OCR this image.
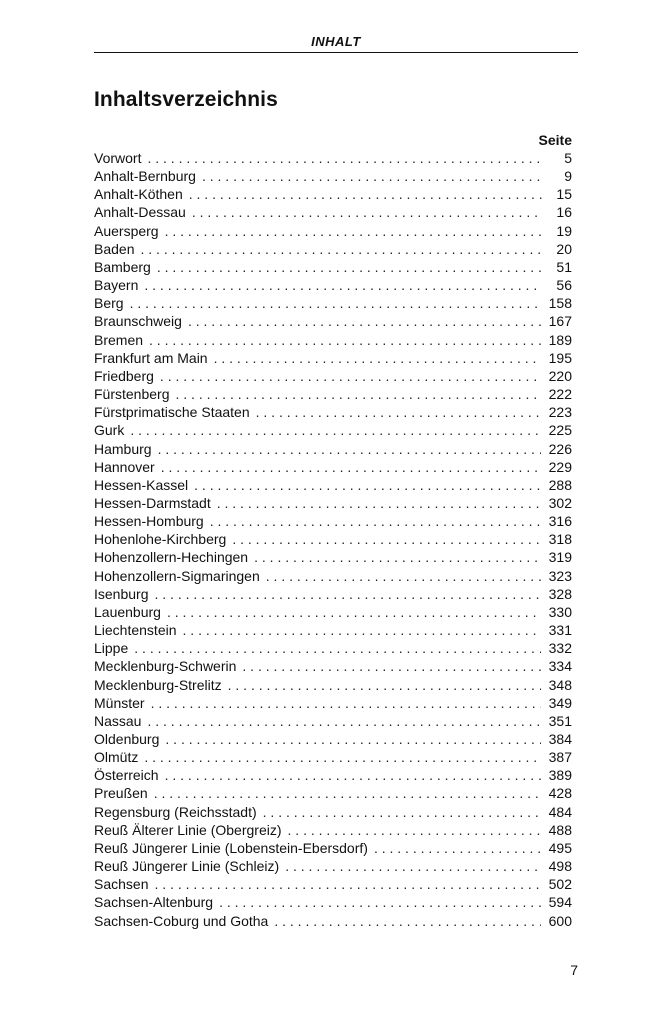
INHALT
Inhaltsverzeichnis
Seite
Vorwort . . .	5
Anhalt-Bernburg . . .	9
Anhalt-Köthen . . .	15
Anhalt-Dessau . . .	16
Auersperg . . .	19
Baden . . .	20
Bamberg . . .	51
Bayern . . .	56
Berg . . .	158
Braunschweig . . .	167
Bremen . . .	189
Frankfurt am Main . . .	195
Friedberg . . .	220
Fürstenberg . . .	222
Fürstprimatische Staaten . . .	223
Gurk . . .	225
Hamburg . . .	226
Hannover . . .	229
Hessen-Kassel . . .	288
Hessen-Darmstadt . . .	302
Hessen-Homburg . . .	316
Hohenlohe-Kirchberg . . .	318
Hohenzollern-Hechingen . . .	319
Hohenzollern-Sigmaringen . . .	323
Isenburg . . .	328
Lauenburg . . .	330
Liechtenstein . . .	331
Lippe . . .	332
Mecklenburg-Schwerin . . .	334
Mecklenburg-Strelitz . . .	348
Münster . . .	349
Nassau . . .	351
Oldenburg . . .	384
Olmütz . . .	387
Österreich . . .	389
Preußen . . .	428
Regensburg (Reichsstadt) . . .	484
Reuß Älterer Linie (Obergreiz) . . .	488
Reuß Jüngerer Linie (Lobenstein-Ebersdorf) . . .	495
Reuß Jüngerer Linie (Schleiz) . . .	498
Sachsen . . .	502
Sachsen-Altenburg . . .	594
Sachsen-Coburg und Gotha . . .	600
7
